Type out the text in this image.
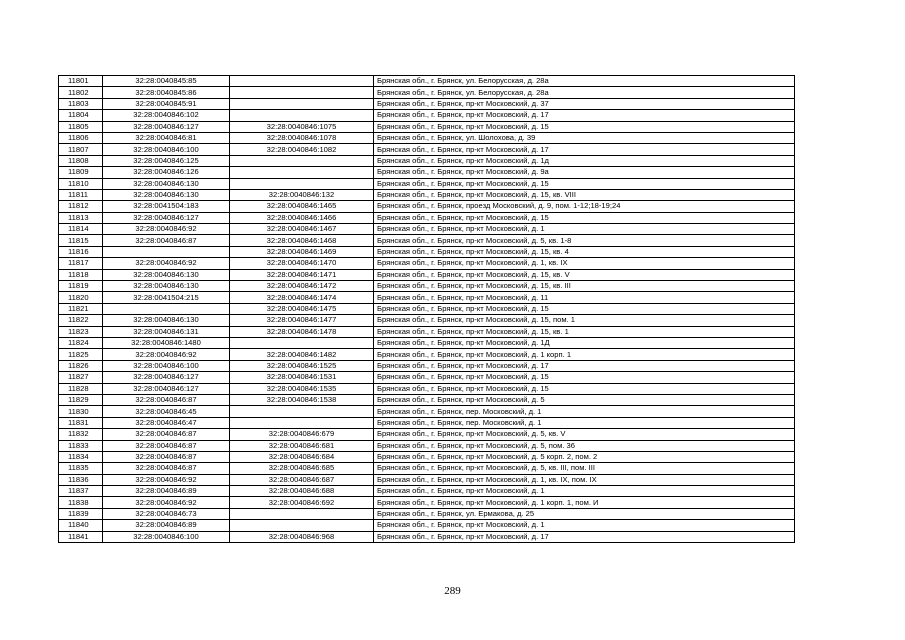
11801	32:28:0040845:85		Брянская обл., г. Брянск, ул. Белорусская, д. 28а
11802	32:28:0040845:86		Брянская обл., г. Брянск, ул. Белорусская, д. 28а
11803	32:28:0040845:91		Брянская обл., г. Брянск, пр-кт Московский, д. 37
11804	32:28:0040846:102		Брянская обл., г. Брянск, пр-кт Московский, д. 17
11805	32:28:0040846:127	32:28:0040846:1075	Брянская обл., г. Брянск, пр-кт Московский, д. 15
11806	32:28:0040846:81	32:28:0040846:1078	Брянская обл., г. Брянск, ул. Шолохова, д. 39
11807	32:28:0040846:100	32:28:0040846:1082	Брянская обл., г. Брянск, пр-кт Московский, д. 17
11808	32:28:0040846:125		Брянская обл., г. Брянск, пр-кт Московский, д. 1д
11809	32:28:0040846:126		Брянская обл., г. Брянск, пр-кт Московский, д. 9а
11810	32:28:0040846:130		Брянская обл., г. Брянск, пр-кт Московский, д. 15
11811	32:28:0040846:130	32:28:0040846:132	Брянская обл., г. Брянск, пр-кт Московский, д. 15, кв. VIII
11812	32:28:0041504:183	32:28:0040846:1465	Брянская обл., г. Брянск, проезд Московский, д. 9, пом. 1-12;18-19;24
11813	32:28:0040846:127	32:28:0040846:1466	Брянская обл., г. Брянск, пр-кт Московский, д. 15
11814	32:28:0040846:92	32:28:0040846:1467	Брянская обл., г. Брянск, пр-кт Московский, д. 1
11815	32:28:0040846:87	32:28:0040846:1468	Брянская обл., г. Брянск, пр-кт Московский, д. 5, кв. 1-8
11816		32:28:0040846:1469	Брянская обл., г. Брянск, пр-кт Московский, д. 15, кв. 4
11817	32:28:0040846:92	32:28:0040846:1470	Брянская обл., г. Брянск, пр-кт Московский, д. 1, кв. IX
11818	32:28:0040846:130	32:28:0040846:1471	Брянская обл., г. Брянск, пр-кт Московский, д. 15, кв. V
11819	32:28:0040846:130	32:28:0040846:1472	Брянская обл., г. Брянск, пр-кт Московский, д. 15, кв. III
11820	32:28:0041504:215	32:28:0040846:1474	Брянская обл., г. Брянск, пр-кт Московский, д. 11
11821		32:28:0040846:1475	Брянская обл., г. Брянск, пр-кт Московский, д. 15
11822	32:28:0040846:130	32:28:0040846:1477	Брянская обл., г. Брянск, пр-кт Московский, д. 15, пом. 1
11823	32:28:0040846:131	32:28:0040846:1478	Брянская обл., г. Брянск, пр-кт Московский, д. 15, кв. 1
11824	32:28:0040846:1480		Брянская обл., г. Брянск, пр-кт Московский, д. 1Д
11825	32:28:0040846:92	32:28:0040846:1482	Брянская обл., г. Брянск, пр-кт Московский, д. 1 корп. 1
11826	32:28:0040846:100	32:28:0040846:1525	Брянская обл., г. Брянск, пр-кт Московский, д. 17
11827	32:28:0040846:127	32:28:0040846:1531	Брянская обл., г. Брянск, пр-кт Московский, д. 15
11828	32:28:0040846:127	32:28:0040846:1535	Брянская обл., г. Брянск, пр-кт Московский, д. 15
11829	32:28:0040846:87	32:28:0040846:1538	Брянская обл., г. Брянск, пр-кт Московский, д. 5
11830	32:28:0040846:45		Брянская обл., г. Брянск, пер. Московский, д. 1
11831	32:28:0040846:47		Брянская обл., г. Брянск, пер. Московский, д. 1
11832	32:28:0040846:87	32:28:0040846:679	Брянская обл., г. Брянск, пр-кт Московский, д. 5, кв. V
11833	32:28:0040846:87	32:28:0040846:681	Брянская обл., г. Брянск, пр-кт Московский, д. 5, пом. 36
11834	32:28:0040846:87	32:28:0040846:684	Брянская обл., г. Брянск, пр-кт Московский, д. 5 корп. 2, пом. 2
11835	32:28:0040846:87	32:28:0040846:685	Брянская обл., г. Брянск, пр-кт Московский, д. 5, кв. III, пом. III
11836	32:28:0040846:92	32:28:0040846:687	Брянская обл., г. Брянск, пр-кт Московский, д. 1, кв. IX, пом. IX
11837	32:28:0040846:89	32:28:0040846:688	Брянская обл., г. Брянск, пр-кт Московский, д. 1
11838	32:28:0040846:92	32:28:0040846:692	Брянская обл., г. Брянск, пр-кт Московский, д. 1 корп. 1, пом. И
11839	32:28:0040846:73		Брянская обл., г. Брянск, ул. Ермакова, д. 25
11840	32:28:0040846:89		Брянская обл., г. Брянск, пр-кт Московский, д. 1
11841	32:28:0040846:100	32:28:0040846:968	Брянская обл., г. Брянск, пр-кт Московский, д. 17
289
